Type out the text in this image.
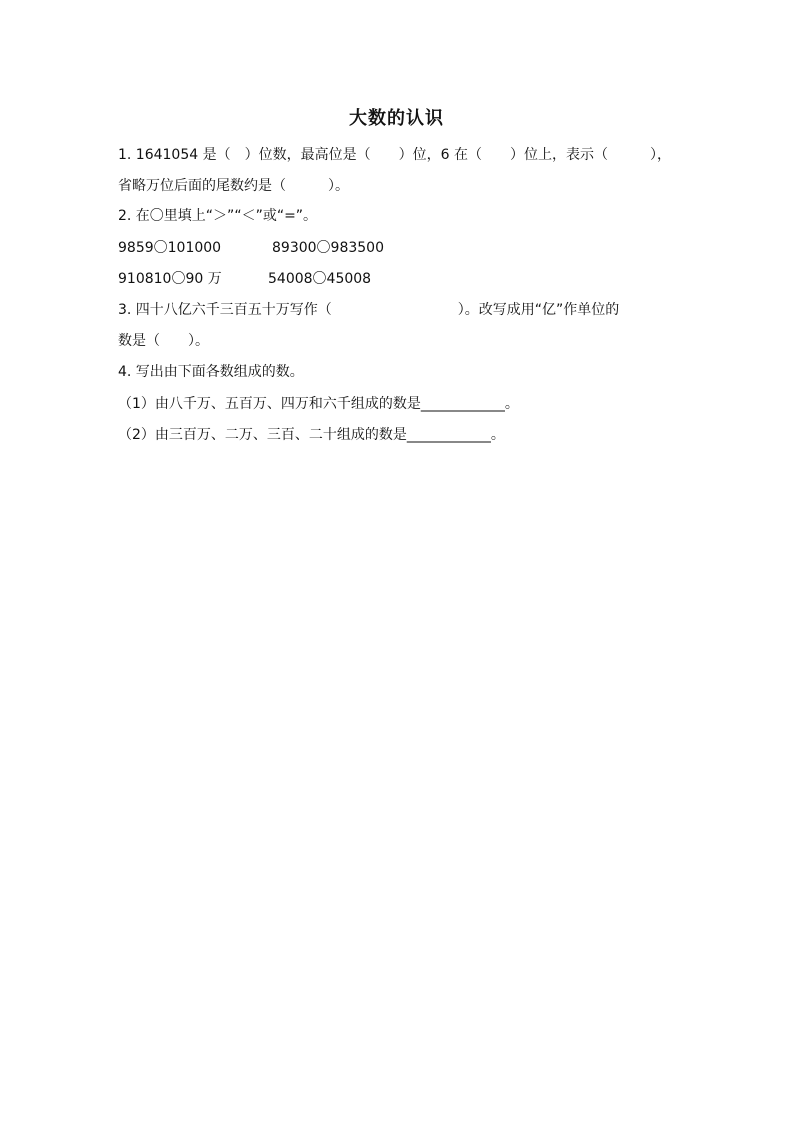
大数的认识
1. 1641054 是（　）位数，最高位是（　　）位，6 在（　　）位上，表示（　　　），
省略万位后面的尾数约是（　　　）。
2. 在〇里填上“＞”“＜”或“=”。
9859〇101000	89300〇983500
910810〇90 万	54008〇45008
3. 四十八亿六千三百五十万写作（　　　　　　　　　）。改写成用“亿”作单位的
数是（　　）。
4. 写出由下面各数组成的数。
（1）由八千万、五百万、四万和六千组成的数是____________。
（2）由三百万、二万、三百、二十组成的数是____________。
